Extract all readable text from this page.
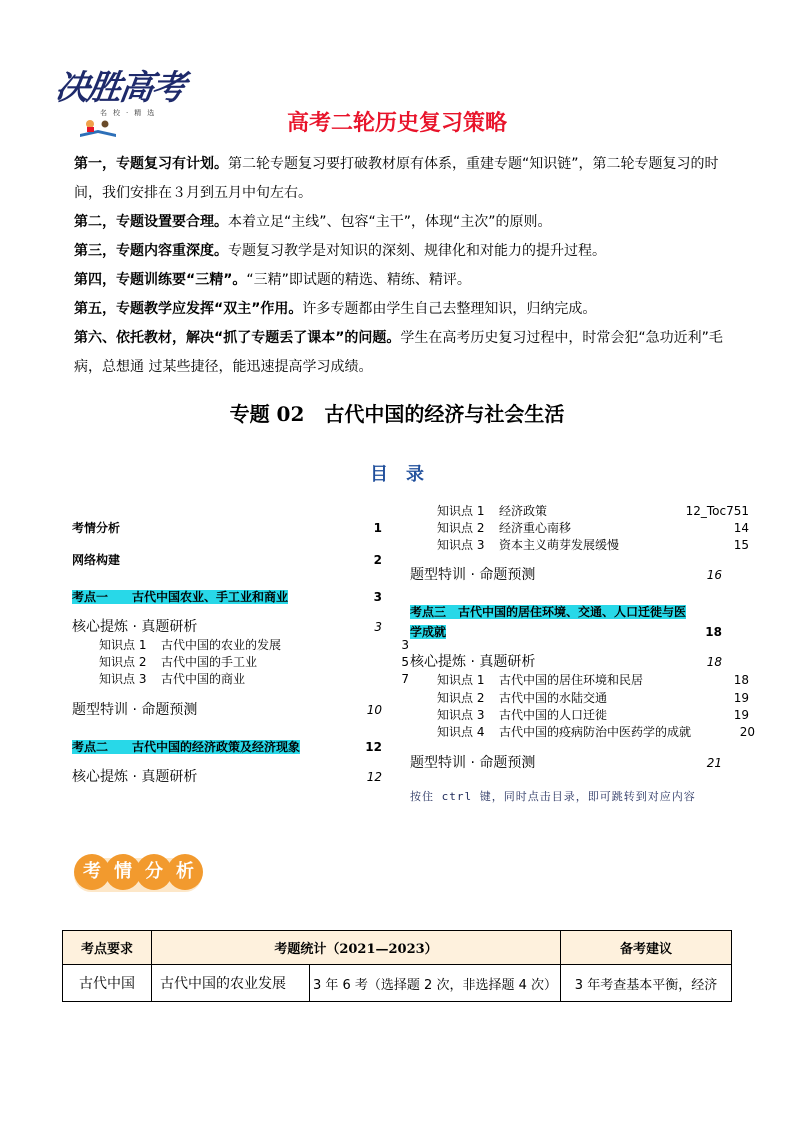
决胜高考
名校·精选	高考二轮历史复习策略
第一，专题复习有计划。第二轮专题复习要打破教材原有体系，重建专题“知识链”，第二轮专题复习的时间，我们安排在３月到五月中旬左右。
第二，专题设置要合理。本着立足“主线”、包容“主干”，体现“主次”的原则。
第三，专题内容重深度。专题复习教学是对知识的深刻、规律化和对能力的提升过程。
第四，专题训练要“三精”。“三精”即试题的精选、精练、精评。
第五，专题教学应发挥“双主”作用。许多专题都由学生自己去整理知识，归纳完成。
第六、依托教材，解决“抓了专题丢了课本”的问题。学生在高考历史复习过程中，时常会犯“急功近利”毛病，总想通 过某些捷径，能迅速提高学习成绩。
专题 02　古代中国的经济与社会生活
目录
考情分析	1
网络构建	2
考点一　　古代中国农业、手工业和商业	3
核心提炼 · 真题研析	3
知识点 1 古代中国的农业的发展	3
知识点 2 古代中国的手工业	5
知识点 3 古代中国的商业	7
题型特训 · 命题预测	10
考点二　　古代中国的经济政策及经济现象	12
核心提炼 · 真题研析	12
知识点 1 经济政策	12_Toc751
知识点 2 经济重心南移	14
知识点 3 资本主义萌芽发展缓慢	15
题型特训 · 命题预测	16
考点三　古代中国的居住环境、交通、人口迁徙与医
学成就	18
核心提炼 · 真题研析	18
知识点 1 古代中国的居住环境和民居	18
知识点 2 古代中国的水陆交通	19
知识点 3 古代中国的人口迁徙	19
知识点 4 古代中国的疫病防治中医药学的成就	20
题型特训 · 命题预测	21
按住 ctrl 键，同时点击目录，即可跳转到对应内容
考 情 分 析
考点要求	考题统计（2021—2023）		备考建议
古代中国	古代中国的农业发展	3 年 6 考（选择题 2 次，非选择题 4 次）	3 年考查基本平衡，经济
